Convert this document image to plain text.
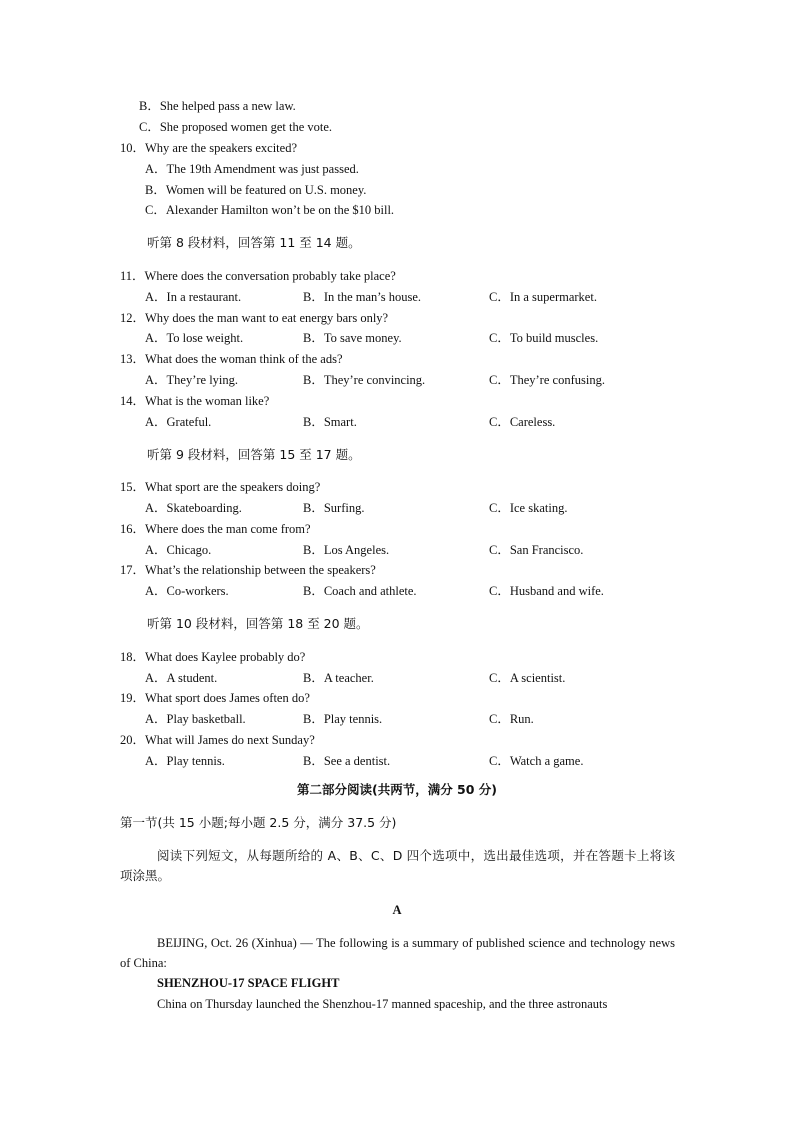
B．She helped pass a new law.
C．She proposed women get the vote.
10．Why are the speakers excited?
A．The 19th Amendment was just passed.
B．Women will be featured on U.S. money.
C．Alexander Hamilton won’t be on the $10 bill.
听第 8 段材料，回答第 11 至 14 题。
11．Where does the conversation probably take place?
A．In a restaurant.	B．In the man’s house.	C．In a supermarket.
12．Why does the man want to eat energy bars only?
A．To lose weight.	B．To save money.	C．To build muscles.
13．What does the woman think of the ads?
A．They’re lying.	B．They’re convincing.	C．They’re confusing.
14．What is the woman like?
A．Grateful.	B．Smart.	C．Careless.
听第 9 段材料，回答第 15 至 17 题。
15．What sport are the speakers doing?
A．Skateboarding.	B．Surfing.	C．Ice skating.
16．Where does the man come from?
A．Chicago.	B．Los Angeles.	C．San Francisco.
17．What’s the relationship between the speakers?
A．Co-workers.	B．Coach and athlete.	C．Husband and wife.
听第 10 段材料，回答第 18 至 20 题。
18．What does Kaylee probably do?
A．A student.	B．A teacher.	C．A scientist.
19．What sport does James often do?
A．Play basketball.	B．Play tennis.	C．Run.
20．What will James do next Sunday?
A．Play tennis.	B．See a dentist.	C．Watch a game.
第二部分阅读(共两节，满分 50 分)
第一节(共 15 小题;每小题 2.5 分，满分 37.5 分)
阅读下列短文，从每题所给的 A、B、C、D 四个选项中，选出最佳选项，并在答题卡上将该项涂黑。
A
BEIJING, Oct. 26 (Xinhua) — The following is a summary of published science and technology news of China:
SHENZHOU-17 SPACE FLIGHT
China on Thursday launched the Shenzhou-17 manned spaceship, and the three astronauts
